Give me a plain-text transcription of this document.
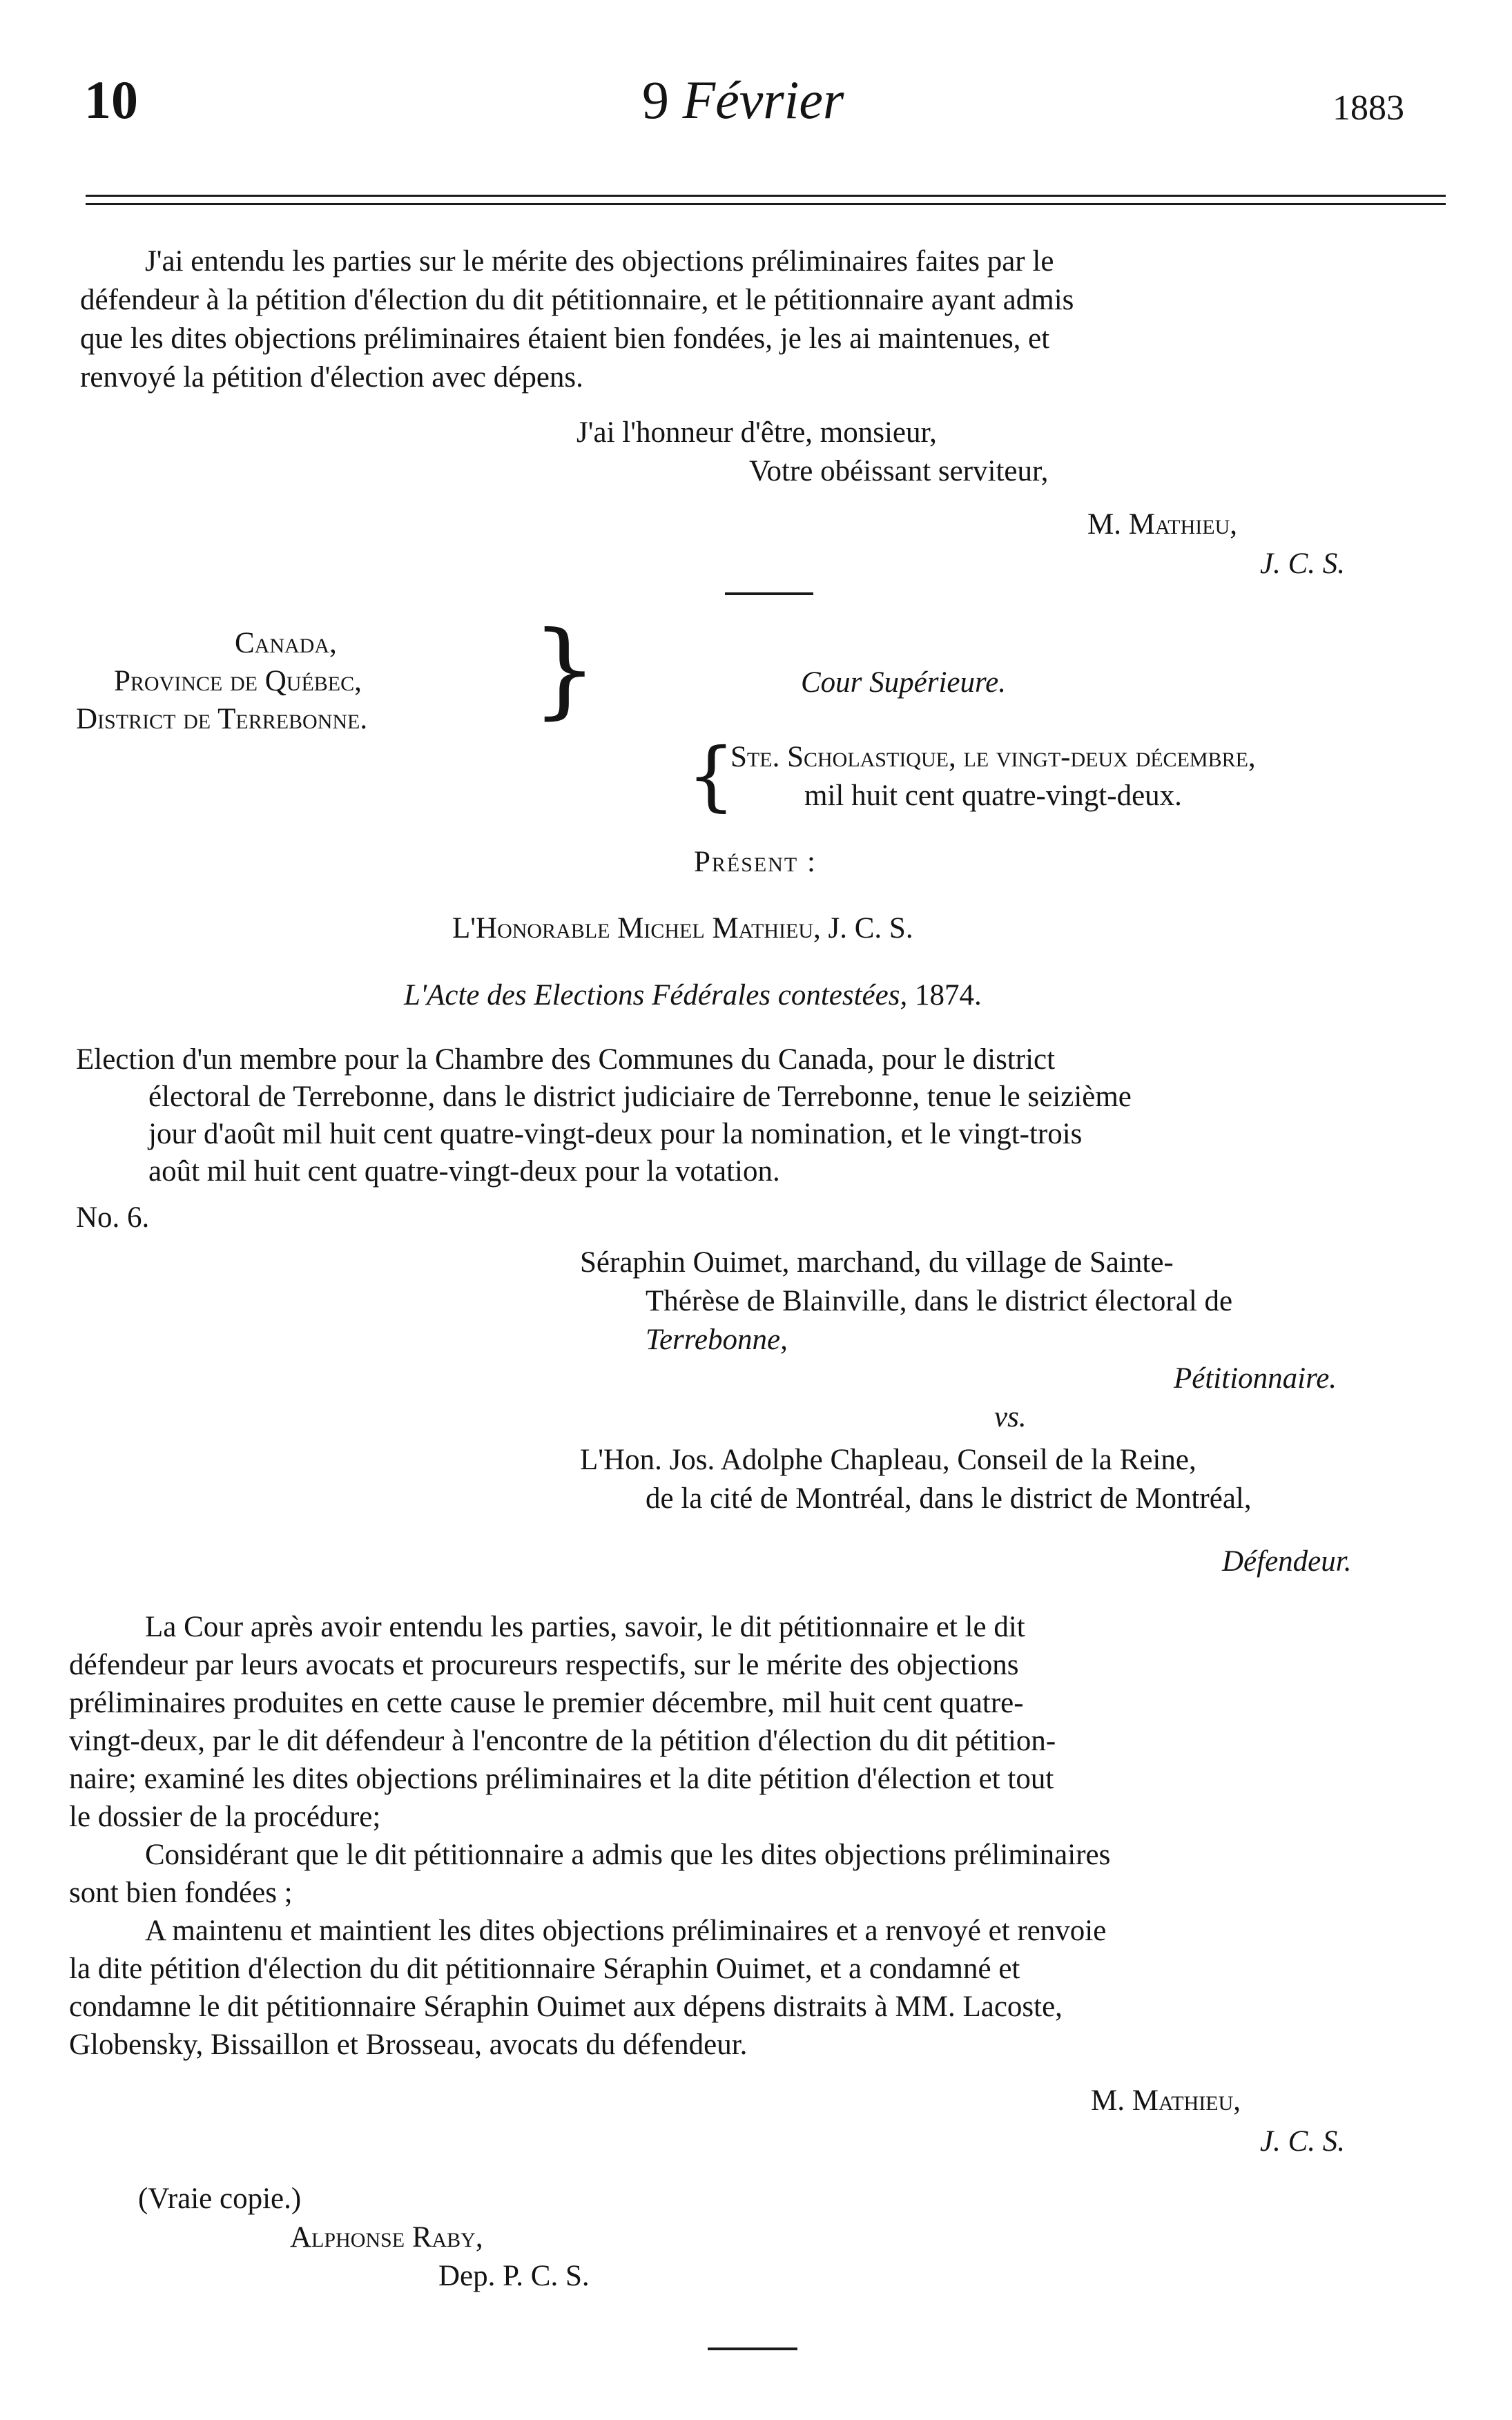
10	9 Février	1883
J'ai entendu les parties sur le mérite des objections préliminaires faites par le
défendeur à la pétition d'élection du dit pétitionnaire, et le pétitionnaire ayant admis
que les dites objections préliminaires étaient bien fondées, je les ai maintenues, et
renvoyé la pétition d'élection avec dépens.
J'ai l'honneur d'être, monsieur,
Votre obéissant serviteur,
M. Mathieu,
J. C. S.
Canada,
Province de Québec,
District de Terrebonne. }	Cour Supérieure.
{
Ste. Scholastique, le vingt-deux décembre,
mil huit cent quatre-vingt-deux.
Présent :
L'Honorable Michel Mathieu, J. C. S.
L'Acte des Elections Fédérales contestées, 1874.
Election d'un membre pour la Chambre des Communes du Canada, pour le district
électoral de Terrebonne, dans le district judiciaire de Terrebonne, tenue le seizième
jour d'août mil huit cent quatre-vingt-deux pour la nomination, et le vingt-trois
août mil huit cent quatre-vingt-deux pour la votation.
No. 6.
Séraphin Ouimet, marchand, du village de Sainte-
Thérèse de Blainville, dans le district électoral de
Terrebonne,
Pétitionnaire.
vs.
L'Hon. Jos. Adolphe Chapleau, Conseil de la Reine,
de la cité de Montréal, dans le district de Montréal,
Défendeur.
La Cour après avoir entendu les parties, savoir, le dit pétitionnaire et le dit
défendeur par leurs avocats et procureurs respectifs, sur le mérite des objections
préliminaires produites en cette cause le premier décembre, mil huit cent quatre-
vingt-deux, par le dit défendeur à l'encontre de la pétition d'élection du dit pétition-
naire; examiné les dites objections préliminaires et la dite pétition d'élection et tout
le dossier de la procédure;
Considérant que le dit pétitionnaire a admis que les dites objections préliminaires
sont bien fondées ;
A maintenu et maintient les dites objections préliminaires et a renvoyé et renvoie
la dite pétition d'élection du dit pétitionnaire Séraphin Ouimet, et a condamné et
condamne le dit pétitionnaire Séraphin Ouimet aux dépens distraits à MM. Lacoste,
Globensky, Bissaillon et Brosseau, avocats du défendeur.
M. Mathieu,
J. C. S.
(Vraie copie.)
Alphonse Raby,
Dep. P. C. S.
